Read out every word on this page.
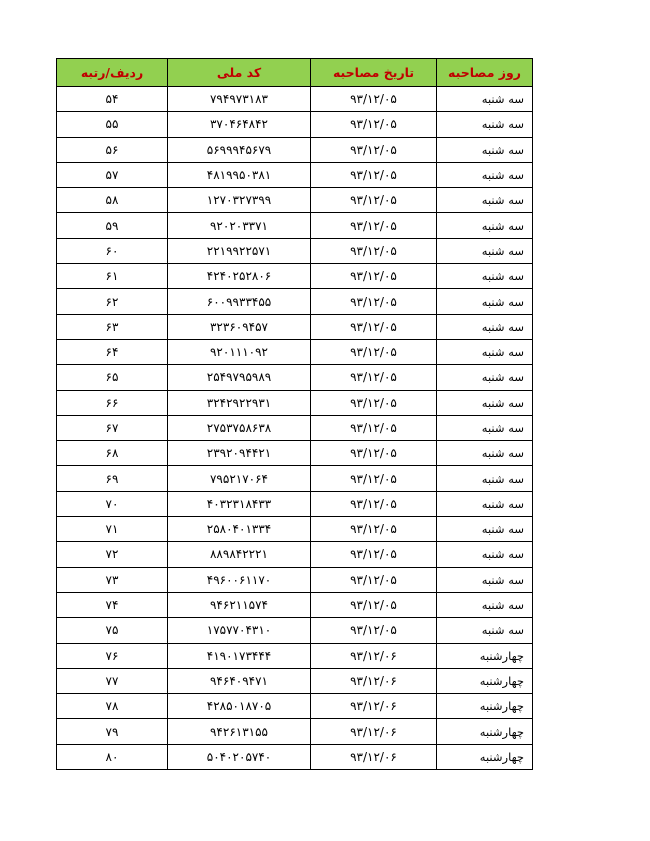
روز مصاحبه	تاریخ مصاحبه	کد ملی	ردیف/رتبه
سه شنبه	۹۳/۱۲/۰۵	۷۹۴۹۷۳۱۸۳	۵۴
سه شنبه	۹۳/۱۲/۰۵	۳۷۰۴۶۴۸۴۲	۵۵
سه شنبه	۹۳/۱۲/۰۵	۵۶۹۹۹۴۵۶۷۹	۵۶
سه شنبه	۹۳/۱۲/۰۵	۴۸۱۹۹۵۰۳۸۱	۵۷
سه شنبه	۹۳/۱۲/۰۵	۱۲۷۰۳۲۷۳۹۹	۵۸
سه شنبه	۹۳/۱۲/۰۵	۹۲۰۲۰۳۳۷۱	۵۹
سه شنبه	۹۳/۱۲/۰۵	۲۲۱۹۹۲۲۵۷۱	۶۰
سه شنبه	۹۳/۱۲/۰۵	۴۲۴۰۲۵۲۸۰۶	۶۱
سه شنبه	۹۳/۱۲/۰۵	۶۰۰۹۹۳۳۴۵۵	۶۲
سه شنبه	۹۳/۱۲/۰۵	۳۲۳۶۰۹۴۵۷	۶۳
سه شنبه	۹۳/۱۲/۰۵	۹۲۰۱۱۱۰۹۲	۶۴
سه شنبه	۹۳/۱۲/۰۵	۲۵۴۹۷۹۵۹۸۹	۶۵
سه شنبه	۹۳/۱۲/۰۵	۳۲۴۲۹۲۲۹۳۱	۶۶
سه شنبه	۹۳/۱۲/۰۵	۲۷۵۳۷۵۸۶۳۸	۶۷
سه شنبه	۹۳/۱۲/۰۵	۲۳۹۲۰۹۴۴۲۱	۶۸
سه شنبه	۹۳/۱۲/۰۵	۷۹۵۲۱۷۰۶۴	۶۹
سه شنبه	۹۳/۱۲/۰۵	۴۰۳۲۳۱۸۴۳۳	۷۰
سه شنبه	۹۳/۱۲/۰۵	۲۵۸۰۴۰۱۳۳۴	۷۱
سه شنبه	۹۳/۱۲/۰۵	۸۸۹۸۴۲۲۲۱	۷۲
سه شنبه	۹۳/۱۲/۰۵	۴۹۶۰۰۶۱۱۷۰	۷۳
سه شنبه	۹۳/۱۲/۰۵	۹۴۶۲۱۱۵۷۴	۷۴
سه شنبه	۹۳/۱۲/۰۵	۱۷۵۷۷۰۴۳۱۰	۷۵
چهارشنبه	۹۳/۱۲/۰۶	۴۱۹۰۱۷۳۴۴۴	۷۶
چهارشنبه	۹۳/۱۲/۰۶	۹۴۶۴۰۹۴۷۱	۷۷
چهارشنبه	۹۳/۱۲/۰۶	۴۲۸۵۰۱۸۷۰۵	۷۸
چهارشنبه	۹۳/۱۲/۰۶	۹۴۲۶۱۳۱۵۵	۷۹
چهارشنبه	۹۳/۱۲/۰۶	۵۰۴۰۲۰۵۷۴۰	۸۰
